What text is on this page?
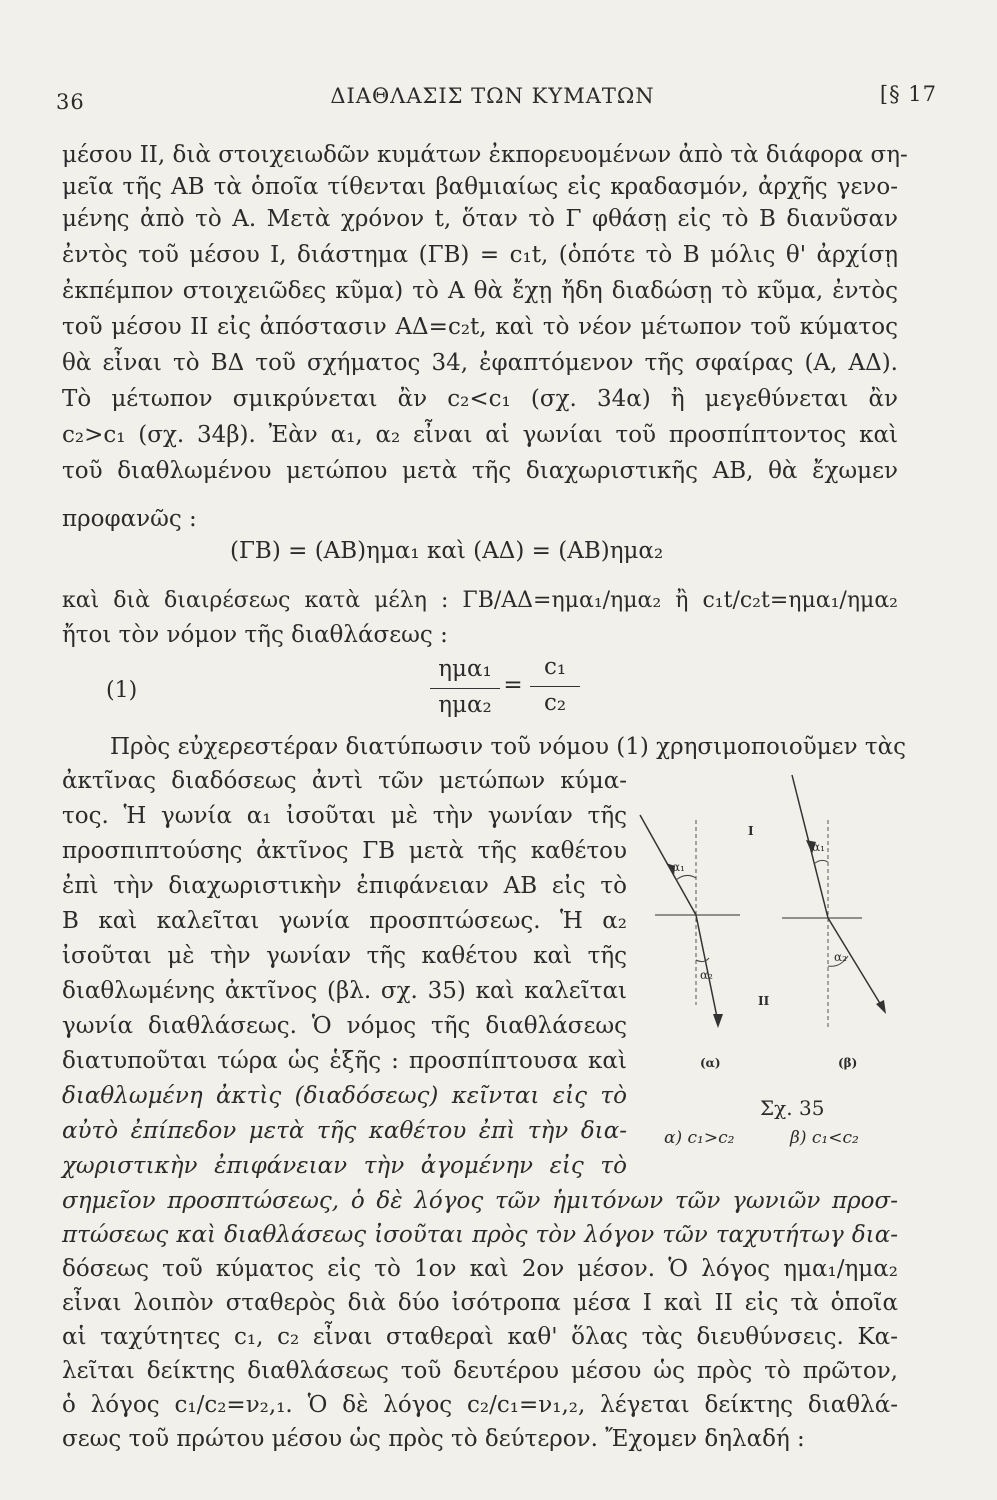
36	ΔΙΑΘΛΑΣΙΣ ΤΩΝ ΚΥΜΑΤΩΝ	[§ 17
μέσου ΙΙ, διὰ στοιχειωδῶν κυμάτων ἐκπορευομένων ἀπὸ τὰ διάφορα ση-
μεῖα τῆς ΑΒ τὰ ὁποῖα τίθενται βαθμιαίως εἰς κραδασμόν, ἀρχῆς γενο-
μένης ἀπὸ τὸ Α. Μετὰ χρόνον t, ὅταν τὸ Γ φθάσῃ εἰς τὸ Β διανῦσαν
ἐντὸς τοῦ μέσου Ι, διάστημα (ΓΒ) = c₁t, (ὁπότε τὸ Β μόλις θ' ἀρχίσῃ
ἐκπέμπον στοιχειῶδες κῦμα) τὸ Α θὰ ἔχῃ ἤδη διαδώσῃ τὸ κῦμα, ἐντὸς
τοῦ μέσου ΙΙ εἰς ἀπόστασιν ΑΔ=c₂t, καὶ τὸ νέον μέτωπον τοῦ κύματος
θὰ εἶναι τὸ ΒΔ τοῦ σχήματος 34, ἐφαπτόμενον τῆς σφαίρας (Α, ΑΔ).
Τὸ μέτωπον σμικρύνεται ἂν c₂<c₁ (σχ. 34α) ἢ μεγεθύνεται ἂν
c₂>c₁ (σχ. 34β). Ἐὰν α₁, α₂ εἶναι αἱ γωνίαι τοῦ προσπίπτοντος καὶ
τοῦ διαθλωμένου μετώπου μετὰ τῆς διαχωριστικῆς ΑΒ, θὰ ἔχωμεν
προφανῶς :
(ΓΒ) = (ΑΒ)ημα₁ καὶ (ΑΔ) = (ΑΒ)ημα₂
καὶ διὰ διαιρέσεως κατὰ μέλη : ΓΒ/ΑΔ=ημα₁/ημα₂ ἢ c₁t/c₂t=ημα₁/ημα₂
ἤτοι τὸν νόμον τῆς διαθλάσεως :
(1)
ημα₁
ημα₂
=
c₁
c₂
Πρὸς εὐχερεστέραν διατύπωσιν τοῦ νόμου (1) χρησιμοποιοῦμεν τὰς
ἀκτῖνας διαδόσεως ἀντὶ τῶν μετώπων κύμα-
τος. Ἡ γωνία α₁ ἰσοῦται μὲ τὴν γωνίαν τῆς
προσπιπτούσης ἀκτῖνος ΓΒ μετὰ τῆς καθέτου
ἐπὶ τὴν διαχωριστικὴν ἐπιφάνειαν ΑΒ εἰς τὸ
Β καὶ καλεῖται γωνία προσπτώσεως. Ἡ α₂
ἰσοῦται μὲ τὴν γωνίαν τῆς καθέτου καὶ τῆς
διαθλωμένης ἀκτῖνος (βλ. σχ. 35) καὶ καλεῖται
γωνία διαθλάσεως. Ὁ νόμος τῆς διαθλάσεως
διατυποῦται τώρα ὡς ἑξῆς : προσπίπτουσα καὶ
διαθλωμένη ἀκτὶς (διαδόσεως) κεῖνται εἰς τὸ
αὐτὸ ἐπίπεδον μετὰ τῆς καθέτου ἐπὶ τὴν δια-
χωριστικὴν ἐπιφάνειαν τὴν ἀγομένην εἰς τὸ
Ι
ΙΙ
α₁
α₂
α₁
α₂
(α)	(β)
Σχ. 35
α) c₁>c₂	β) c₁<c₂
σημεῖον προσπτώσεως, ὁ δὲ λόγος τῶν ἡμιτόνων τῶν γωνιῶν προσ-
πτώσεως καὶ διαθλάσεως ἰσοῦται πρὸς τὸν λόγον τῶν ταχυτήτωγ δια-
δόσεως τοῦ κύματος εἰς τὸ 1ον καὶ 2ον μέσον. Ὁ λόγος ημα₁/ημα₂
εἶναι λοιπὸν σταθερὸς διὰ δύο ἰσότροπα μέσα Ι καὶ ΙΙ εἰς τὰ ὁποῖα
αἱ ταχύτητες c₁, c₂ εἶναι σταθεραὶ καθ' ὅλας τὰς διευθύνσεις. Κα-
λεῖται δείκτης διαθλάσεως τοῦ δευτέρου μέσου ὡς πρὸς τὸ πρῶτον,
ὁ λόγος c₁/c₂=ν₂,₁. Ὁ δὲ λόγος c₂/c₁=ν₁,₂, λέγεται δείκτης διαθλά-
σεως τοῦ πρώτου μέσου ὡς πρὸς τὸ δεύτερον. Ἔχομεν δηλαδή :
